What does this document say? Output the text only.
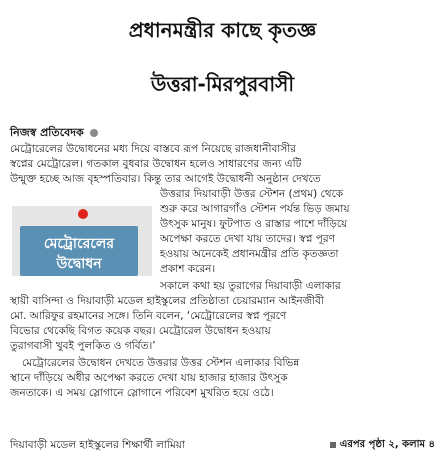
প্রধানমন্ত্রীর কাছে কৃতজ্ঞ
উত্তরা-মিরপুরবাসী
নিজস্ব প্রতিবেদক
মেট্রোরেলের উদ্বোধনের মধ্য দিয়ে বাস্তবে রূপ নিয়েছে রাজধানীবাসীর
স্বপ্নের মেট্রোরেল। গতকাল বুধবার উদ্বোধন হলেও সাধারণের জন্য এটি
উন্মুক্ত হচ্ছে আজ বৃহস্পতিবার। কিন্তু তার আগেই উদ্বোধনী অনুষ্ঠান দেখতে
উত্তরার দিয়াবাড়ী উত্তর স্টেশন (প্রথম) থেকে
শুরু করে আগারগাঁও স্টেশন পর্যন্ত ভিড় জমায়
উৎসুক মানুষ। ফুটপাত ও রাস্তার পাশে দাঁড়িয়ে
অপেক্ষা করতে দেখা যায় তাদের। স্বপ্ন পূরণ
হওয়ায় অনেকেই প্রধানমন্ত্রীর প্রতি কৃতজ্ঞতা
প্রকাশ করেন।
মেট্রোরেলের
উদ্বোধন
সকালে কথা হয় তুরাগের দিয়াবাড়ী এলাকার
স্থায়ী বাসিন্দা ও দিয়াবাড়ী মডেল হাইস্কুলের প্রতিষ্ঠাতা চেয়ারম্যান আইনজীবী
মো. আরিফুর রহমানের সঙ্গে। তিনি বলেন, ‘মেট্রোরেলের স্বপ্ন পূরণে
বিভোর থেকেছি বিগত কয়েক বছর। মেট্রোরেল উদ্বোধন হওয়ায়
তুরাগবাসী খুবই পুলকিত ও গর্বিত।’
মেট্রোরেলের উদ্বোধন দেখতে উত্তরার উত্তর স্টেশন এলাকার বিভিন্ন
স্থানে দাঁড়িয়ে অধীর অপেক্ষা করতে দেখা যায় হাজার হাজার উৎসুক
জনতাকে। এ সময় স্লোগানে স্লোগানে পরিবেশ মুখরিত হয়ে ওঠে।
দিয়াবাড়ী মডেল হাইস্কুলের শিক্ষার্থী লামিয়া	এরপর পৃষ্ঠা ২, কলাম ৪
